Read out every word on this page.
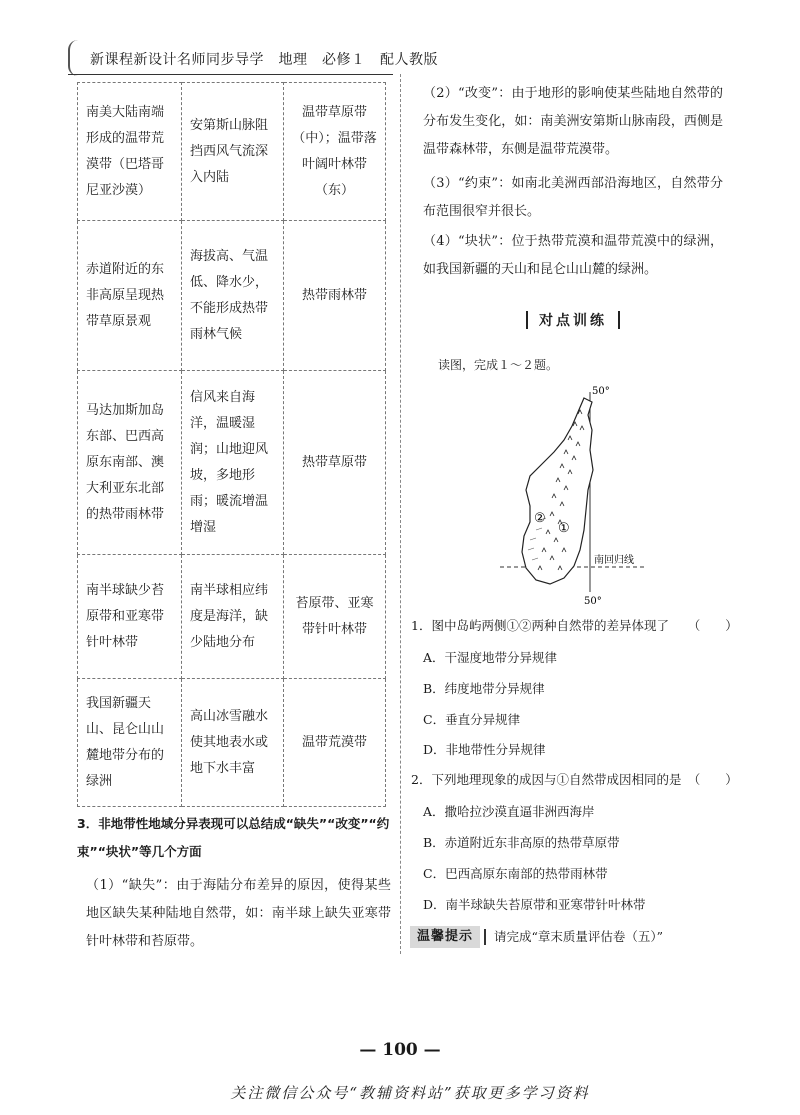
新课程新设计名师同步导学　地理　必修１　配人教版
南美大陆南端形成的温带荒漠带（巴塔哥尼亚沙漠）	安第斯山脉阻挡西风气流深入内陆	温带草原带（中）；温带落叶阔叶林带（东）
赤道附近的东非高原呈现热带草原景观	海拔高、气温低、降水少，不能形成热带雨林气候	热带雨林带
马达加斯加岛东部、巴西高原东南部、澳大利亚东北部的热带雨林带	信风来自海洋，温暖湿润；山地迎风坡，多地形雨；暖流增温增湿	热带草原带
南半球缺少苔原带和亚寒带针叶林带	南半球相应纬度是海洋，缺少陆地分布	苔原带、亚寒带针叶林带
我国新疆天山、昆仑山山麓地带分布的绿洲	高山冰雪融水使其地表水或地下水丰富	温带荒漠带
3．非地带性地域分异表现可以总结成“缺失”“改变”“约束”“块状”等几个方面
（1）“缺失”：由于海陆分布差异的原因，使得某些地区缺失某种陆地自然带，如：南半球上缺失亚寒带针叶林带和苔原带。
（2）“改变”：由于地形的影响使某些陆地自然带的分布发生变化，如：南美洲安第斯山脉南段，西侧是温带森林带，东侧是温带荒漠带。
（3）“约束”：如南北美洲西部沿海地区，自然带分布范围很窄并很长。
（4）“块状”：位于热带荒漠和温带荒漠中的绿洲，如我国新疆的天山和昆仑山山麓的绿洲。
对点训练
读图，完成１～２题。
50°
50°
①
②
南回归线
1．图中岛屿两侧①②两种自然带的差异体现了　　（　　）
A．干湿度地带分异规律
B．纬度地带分异规律
C．垂直分异规律
D．非地带性分异规律
2．下列地理现象的成因与①自然带成因相同的是　（　　）
A．撒哈拉沙漠直逼非洲西海岸
B．赤道附近东非高原的热带草原带
C．巴西高原东南部的热带雨林带
D．南半球缺失苔原带和亚寒带针叶林带
温馨提示	请完成“章末质量评估卷（五）”
— 100 —
关注微信公众号“教辅资料站”获取更多学习资料
